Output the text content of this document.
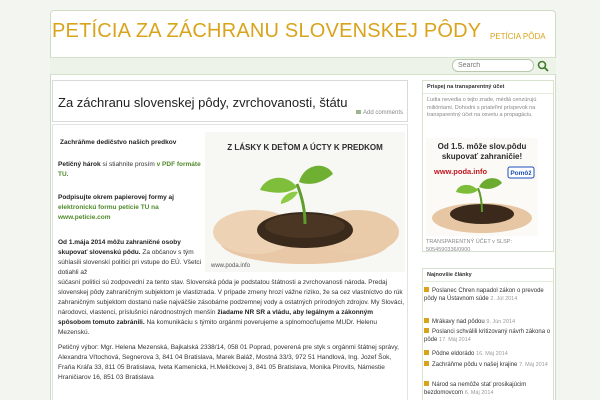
PETÍCIA ZA ZÁCHRANU SLOVENSKEJ PÔDY PETÍCIA PÔDA
Search
Za záchranu slovenskej pôdy, zvrchovanosti, štátu
Add comments
Zachráňme dedičstvo našich predkov
Petičný hárok si stiahnite prosím v PDF formáte TU.
Podpisujte okrem papierovej formy aj elektronickú formu petície TU na www.peticie.com
Od 1.mája 2014 môžu zahraničné osoby skupovať slovenskú pôdu. Za občanov s tým súhlasili slovenskí politici pri vstupe do EÚ. Všetci dotiahli až
súčasní politici sú zodpovední za tento stav. Slovenská pôda je podstatou štátnosti a zvrchovanosti národa. Predaj slovenskej pôdy zahraničným subjektom je vlastizrada. V prípade zmeny hrozí vážne riziko, že sa cez vlastníctvo do rúk zahraničným subjektom dostanú naše najväčšie zásobárne podzemnej vody a ostatných prírodných zdrojov. My Slováci, národovci, vlastenci, príslušníci národnostných menšín žiadame NR SR a vládu, aby legálnym a zákonným spôsobom tomuto zabránili. Na komunikáciu s týmito orgánmi poverujeme a splnomocňujeme MUDr. Helenu Mezenskú.
Petičný výbor: Mgr. Helena Mezenská, Bajkalská 2338/14, 058 01 Poprad, poverená pre styk s orgánmi štátnej správy, Alexandra Vŕtochová, Segnerova 3, 841 04 Bratislava, Marek Baláž, Mostná 33/3, 972 51 Handlová, Ing. Jozef Šok, Fraňa Kráľa 33, 811 05 Bratislava, Iveta Kamenická, H.Meličkovej 3, 841 05 Bratislava, Monika Pirovits, Námestie Hraničiarov 16, 851 03 Bratislava
Z LÁSKY K DEŤOM A ÚCTY K PREDKOM
www.poda.info
Prispej na transparentný účet
Ľudia nevedia o tejto zrade, médiá cenzúrujú milióntami. Dohodni s priateľmi príspevok na transparentný účet na osvetu a propagáciu.
Od 1.5. môže slov.pôdu
skupovať zahraničie!
www.poda.info	Pomôž
TRANSPARENTNÝ ÚČET v SLSP:
5054590336/0900
Najnovšie články
Poslanec Chren napadol zákon o prevode pôdy na Ústavnom súde 2. Júl 2014
Mrákavy nad pôdou 9. Jún 2014
Poslanci schválili kritizovaný návrh zákona o pôde 17. Máj 2014
Pôdne eldorádo 16. Máj 2014
Zachráňme pôdu v našej krajine 7. Máj 2014
Národ sa nemôže stať prosikajúcim bezdomovcom 6. Máj 2014
